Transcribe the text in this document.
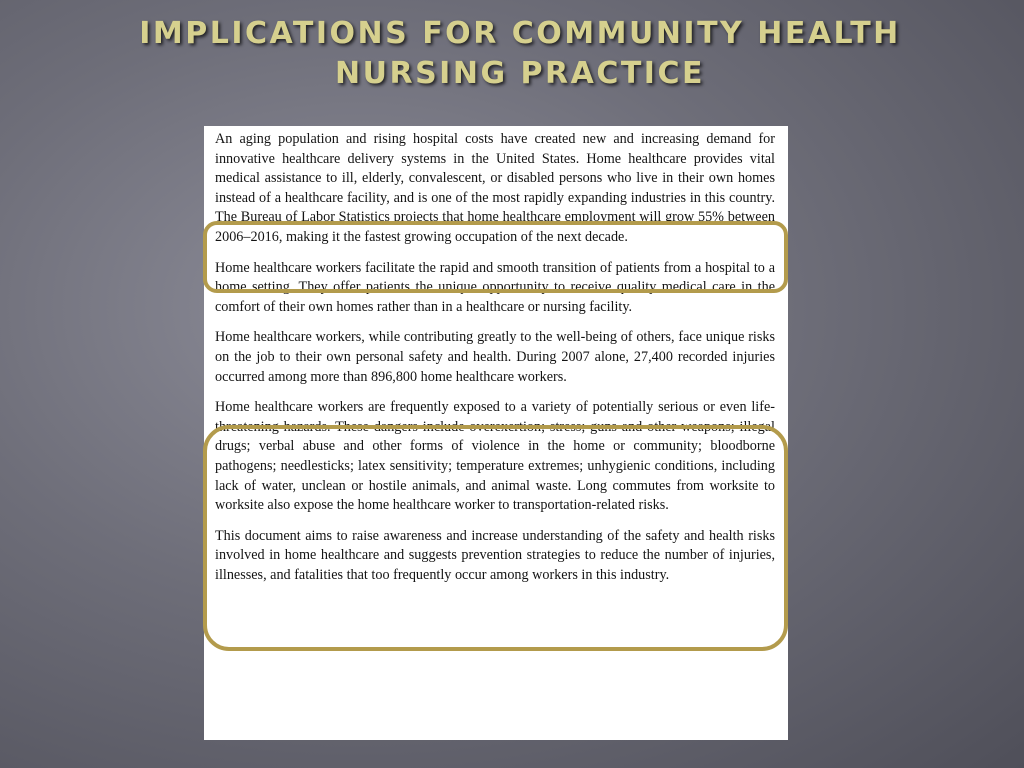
IMPLICATIONS FOR COMMUNITY HEALTH
NURSING PRACTICE

An aging population and rising hospital costs have created new and increasing demand for innovative healthcare delivery systems in the United States. Home healthcare provides vital medical assistance to ill, elderly, convalescent, or disabled persons who live in their own homes instead of a healthcare facility, and is one of the most rapidly expanding industries in this country. The Bureau of Labor Statistics projects that home healthcare employment will grow 55% between 2006–2016, making it the fastest growing occupation of the next decade.

Home healthcare workers facilitate the rapid and smooth transition of patients from a hospital to a home setting. They offer patients the unique opportunity to receive quality medical care in the comfort of their own homes rather than in a healthcare or nursing facility.

Home healthcare workers, while contributing greatly to the well-being of others, face unique risks on the job to their own personal safety and health. During 2007 alone, 27,400 recorded injuries occurred among more than 896,800 home healthcare workers.

Home healthcare workers are frequently exposed to a variety of potentially serious or even life-threatening hazards. These dangers include overexertion; stress; guns and other weapons; illegal drugs; verbal abuse and other forms of violence in the home or community; bloodborne pathogens; needlesticks; latex sensitivity; temperature extremes; unhygienic conditions, including lack of water, unclean or hostile animals, and animal waste. Long commutes from worksite to worksite also expose the home healthcare worker to transportation-related risks.

This document aims to raise awareness and increase understanding of the safety and health risks involved in home healthcare and suggests prevention strategies to reduce the number of injuries, illnesses, and fatalities that too frequently occur among workers in this industry.
